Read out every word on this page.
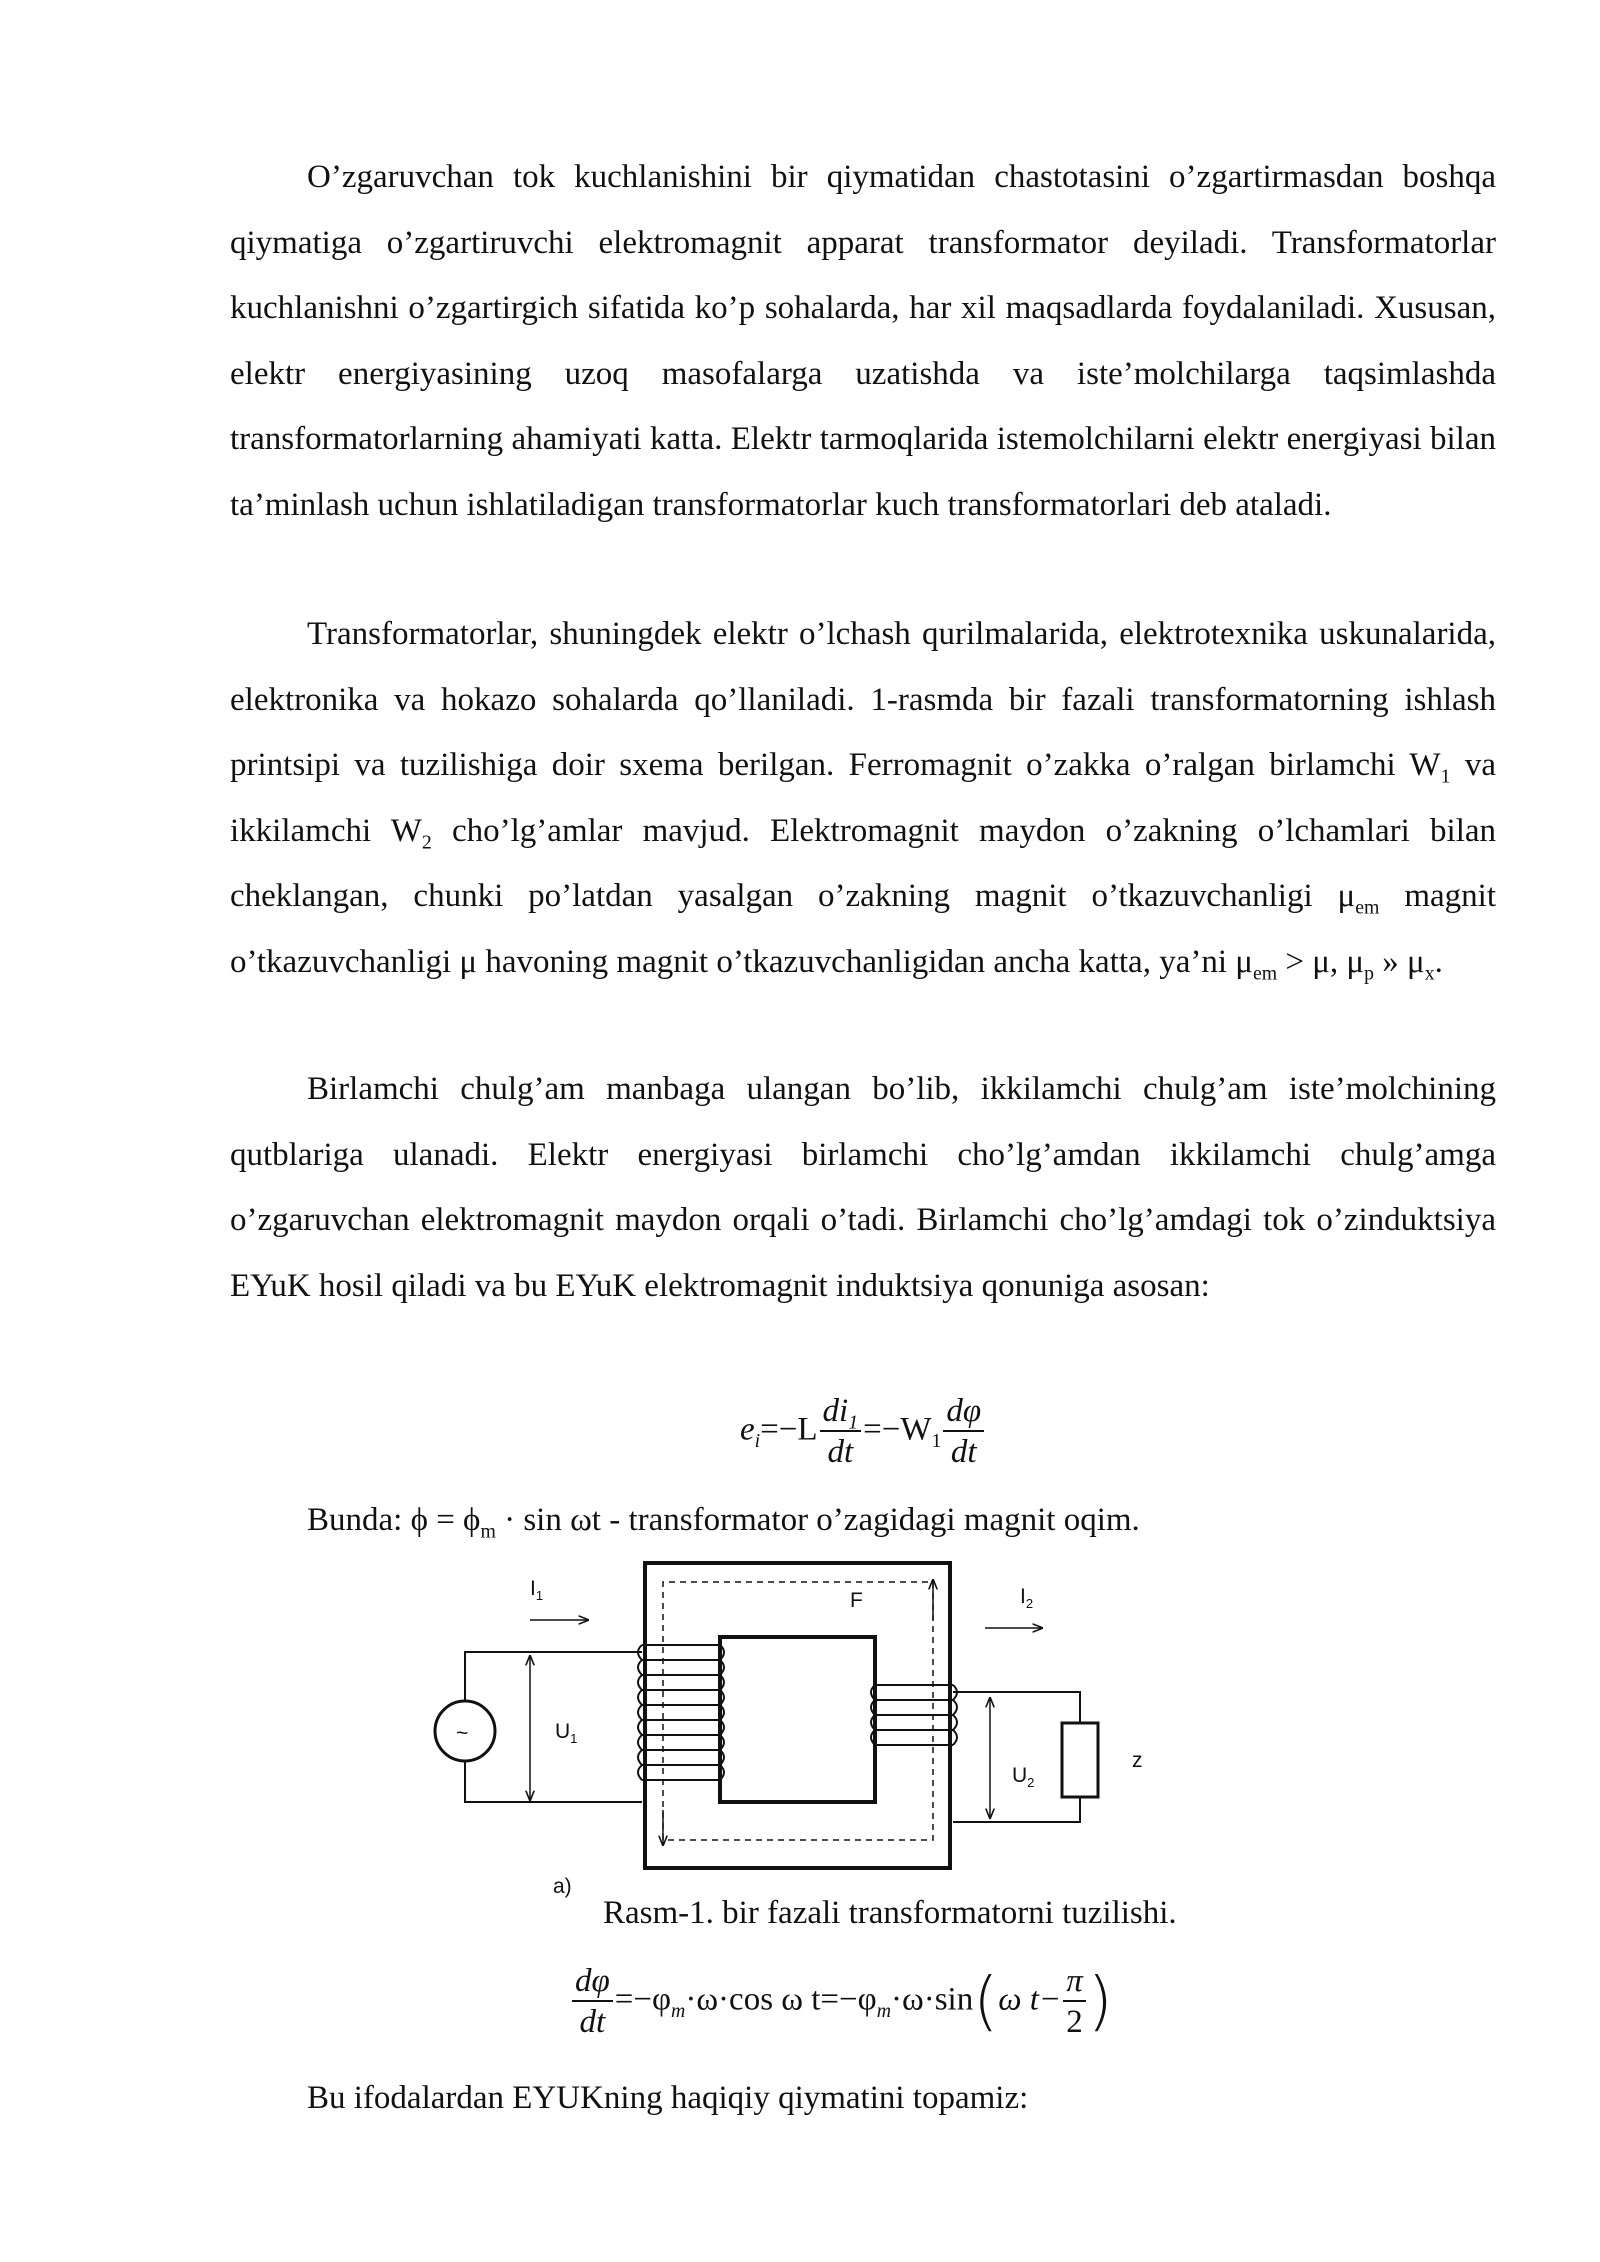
O’zgaruvchan tok kuchlanishini bir qiymatidan chastotasini o’zgartirmasdan boshqa qiymatiga o’zgartiruvchi elektromagnit apparat transformator deyiladi. Transformatorlar kuchlanishni o’zgartirgich sifatida ko’p sohalarda, har xil maqsadlarda foydalaniladi. Xususan, elektr energiyasining uzoq masofalarga uzatishda va iste’molchilarga taqsimlashda transformatorlarning ahamiyati katta. Elektr tarmoqlarida istemolchilarni elektr energiyasi bilan ta’minlash uchun ishlatiladigan transformatorlar kuch transformatorlari deb ataladi.

Transformatorlar, shuningdek elektr o’lchash qurilmalarida, elektrotexnika uskunalarida, elektronika va hokazo sohalarda qo’llaniladi. 1-rasmda bir fazali transformatorning ishlash printsipi va tuzilishiga doir sxema berilgan. Ferromagnit o’zakka o’ralgan birlamchi $W_1$ va ikkilamchi $W_2$ cho’lg’amlar mavjud. Elektromagnit maydon o’zakning o’lchamlari bilan cheklangan, chunki po’latdan yasalgan o’zakning magnit o’tkazuvchanligi $\mu_{em}$ magnit o’tkazuvchanligi μ havoning magnit o’tkazuvchanligidan ancha katta, ya’ni $\mu_{em} > \mu$, $\mu_p$ » $\mu_x$.

Birlamchi chulg’am manbaga ulangan bo’lib, ikkilamchi chulg’am iste’molchining qutblariga ulanadi. Elektr energiyasi birlamchi cho’lg’amdan ikkilamchi chulg’amga o’zgaruvchan elektromagnit maydon orqali o’tadi. Birlamchi cho’lg’amdagi tok o’zinduktsiya EYuK hosil qiladi va bu EYuK elektromagnit induktsiya qonuniga asosan:

$e_i=-L \frac{di_1}{dt} =-W_1 \frac{d\varphi}{dt}$
Bunda: $\phi = \phi_m \cdot \sin \omega t$ - transformator o’zagidagi magnit oqim.
F
~	$U_1$
$I_1$
z
$U_2$
$I_2$
a)
Rasm-1. bir fazali transformatorni tuzilishi.
$\frac{d\varphi}{dt} =-\varphi_m\cdot\omega\cdot\cos$ ω $t=-\varphi_m\cdot\omega\cdot\sin(\omega$ $t- \frac{\pi}{2}$ )
Bu ifodalardan EYUKning haqiqiy qiymatini topamiz:
